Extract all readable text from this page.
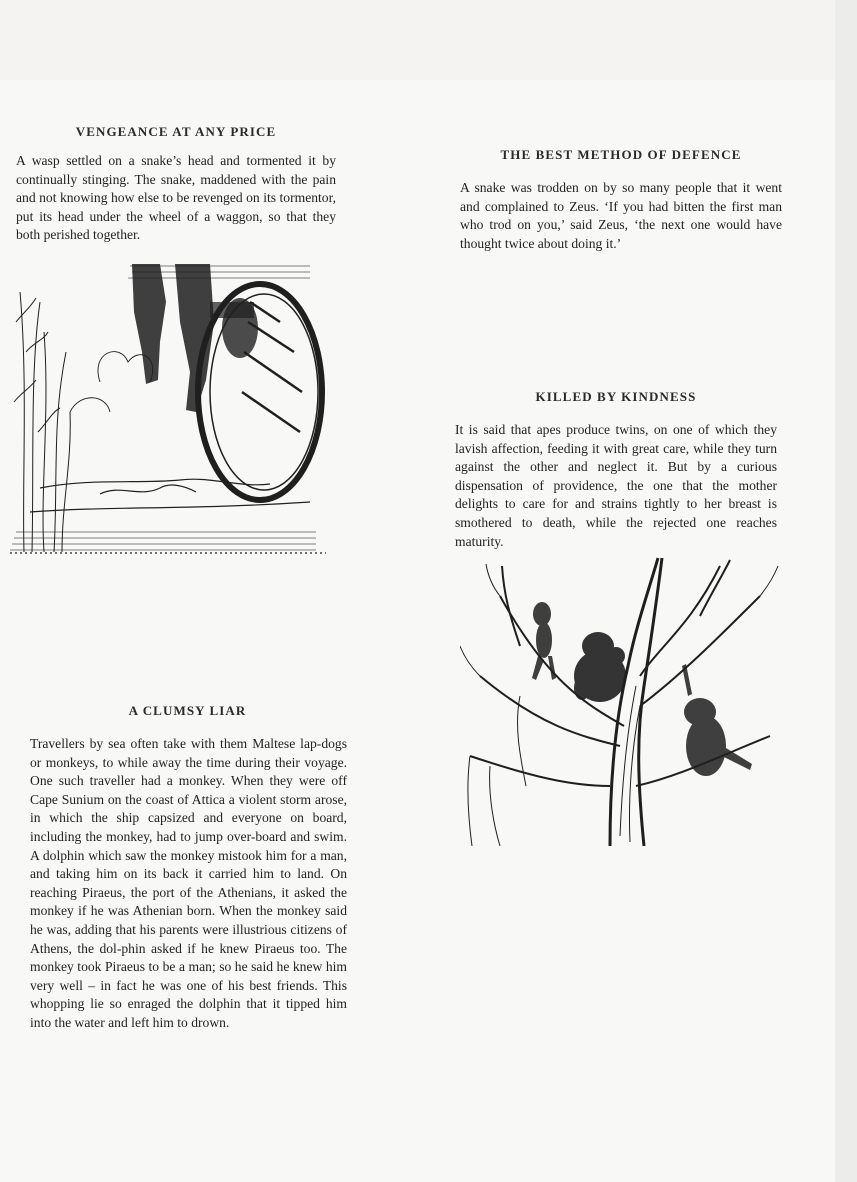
VENGEANCE AT ANY PRICE

A wasp settled on a snake’s head and tormented it by continually stinging. The snake, maddened with the pain and not knowing how else to be revenged on its tormentor, put its head under the wheel of a waggon, so that they both perished together.

A CLUMSY LIAR

Travellers by sea often take with them Maltese lap-dogs or monkeys, to while away the time during their voyage. One such traveller had a monkey. When they were off Cape Sunium on the coast of Attica a violent storm arose, in which the ship capsized and everyone on board, including the monkey, had to jump over-board and swim. A dolphin which saw the monkey mistook him for a man, and taking him on its back it carried him to land. On reaching Piraeus, the port of the Athenians, it asked the monkey if he was Athenian born. When the monkey said he was, adding that his parents were illustrious citizens of Athens, the dol-phin asked if he knew Piraeus too. The monkey took Piraeus to be a man; so he said he knew him very well – in fact he was one of his best friends. This whopping lie so enraged the dolphin that it tipped him into the water and left him to drown.

THE BEST METHOD OF DEFENCE

A snake was trodden on by so many people that it went and complained to Zeus. ‘If you had bitten the first man who trod on you,’ said Zeus, ‘the next one would have thought twice about doing it.’

KILLED BY KINDNESS

It is said that apes produce twins, on one of which they lavish affection, feeding it with great care, while they turn against the other and neglect it. But by a curious dispensation of providence, the one that the mother delights to care for and strains tightly to her breast is smothered to death, while the rejected one reaches maturity.
